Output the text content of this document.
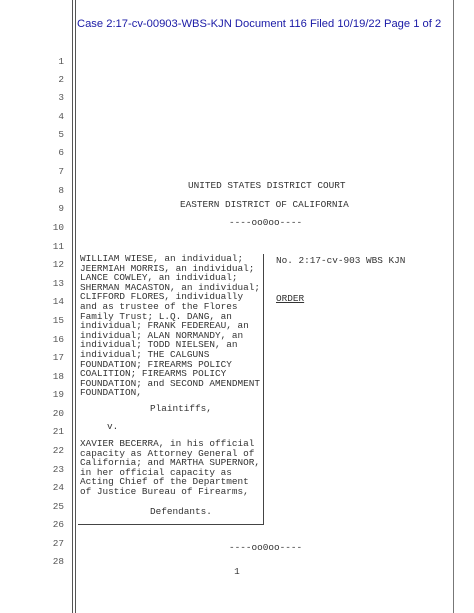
Case 2:17-cv-00903-WBS-KJN Document 116 Filed 10/19/22 Page 1 of 2
1
2
3
4
5
6
7
8
9
10
11
12
13
14
15
16
17
18
19
20
21
22
23
24
25
26
27
28
UNITED STATES DISTRICT COURT
EASTERN DISTRICT OF CALIFORNIA
----oo0oo----
WILLIAM WIESE, an individual;
JEERMIAH MORRIS, an individual;
LANCE COWLEY, an individual;
SHERMAN MACASTON, an individual;
CLIFFORD FLORES, individually
and as trustee of the Flores
Family Trust; L.Q. DANG, an
individual; FRANK FEDEREAU, an
individual; ALAN NORMANDY, an
individual; TODD NIELSEN, an
individual; THE CALGUNS
FOUNDATION; FIREARMS POLICY
COALITION; FIREARMS POLICY
FOUNDATION; and SECOND AMENDMENT
FOUNDATION,
Plaintiffs,
v.
XAVIER BECERRA, in his official
capacity as Attorney General of
California; and MARTHA SUPERNOR,
in her official capacity as
Acting Chief of the Department
of Justice Bureau of Firearms,
Defendants.
No. 2:17-cv-903 WBS KJN
ORDER
----oo0oo----
1
